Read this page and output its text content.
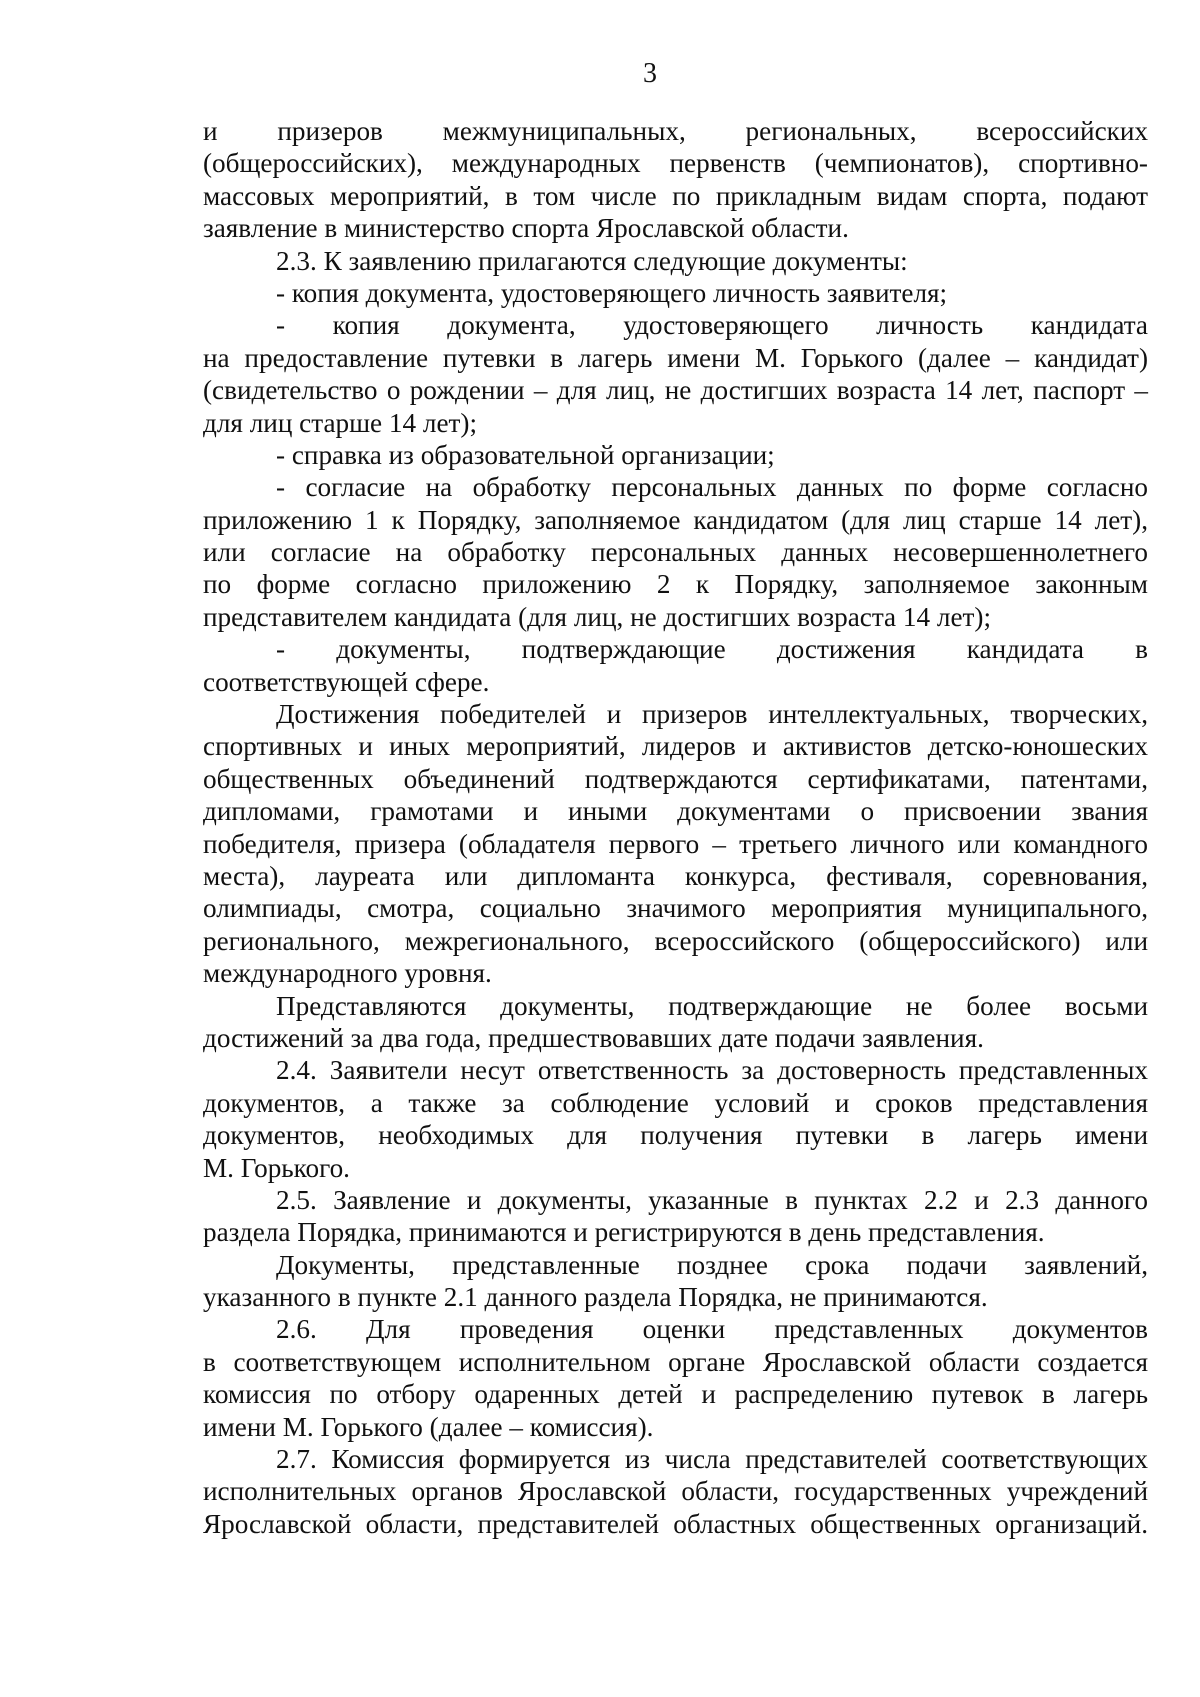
3
и призеров межмуниципальных, региональных, всероссийских
(общероссийских), международных первенств (чемпионатов), спортивно-
массовых мероприятий, в том числе по прикладным видам спорта, подают
заявление в министерство спорта Ярославской области.
2.3. К заявлению прилагаются следующие документы:
- копия документа, удостоверяющего личность заявителя;
- копия документа, удостоверяющего личность кандидата
на предоставление путевки в лагерь имени М. Горького (далее – кандидат)
(свидетельство о рождении – для лиц, не достигших возраста 14 лет, паспорт –
для лиц старше 14 лет);
- справка из образовательной организации;
- согласие на обработку персональных данных по форме согласно
приложению 1 к Порядку, заполняемое кандидатом (для лиц старше 14 лет),
или согласие на обработку персональных данных несовершеннолетнего
по форме согласно приложению 2 к Порядку, заполняемое законным
представителем кандидата (для лиц, не достигших возраста 14 лет);
- документы, подтверждающие достижения кандидата в
соответствующей сфере.
Достижения победителей и призеров интеллектуальных, творческих,
спортивных и иных мероприятий, лидеров и активистов детско-юношеских
общественных объединений подтверждаются сертификатами, патентами,
дипломами, грамотами и иными документами о присвоении звания
победителя, призера (обладателя первого – третьего личного или командного
места), лауреата или дипломанта конкурса, фестиваля, соревнования,
олимпиады, смотра, социально значимого мероприятия муниципального,
регионального, межрегионального, всероссийского (общероссийского) или
международного уровня.
Представляются документы, подтверждающие не более восьми
достижений за два года, предшествовавших дате подачи заявления.
2.4. Заявители несут ответственность за достоверность представленных
документов, а также за соблюдение условий и сроков представления
документов, необходимых для получения путевки в лагерь имени
М. Горького.
2.5. Заявление и документы, указанные в пунктах 2.2 и 2.3 данного
раздела Порядка, принимаются и регистрируются в день представления.
Документы, представленные позднее срока подачи заявлений,
указанного в пункте 2.1 данного раздела Порядка, не принимаются.
2.6. Для проведения оценки представленных документов
в соответствующем исполнительном органе Ярославской области создается
комиссия по отбору одаренных детей и распределению путевок в лагерь
имени М. Горького (далее – комиссия).
2.7. Комиссия формируется из числа представителей соответствующих
исполнительных органов Ярославской области, государственных учреждений
Ярославской области, представителей областных общественных организаций.
